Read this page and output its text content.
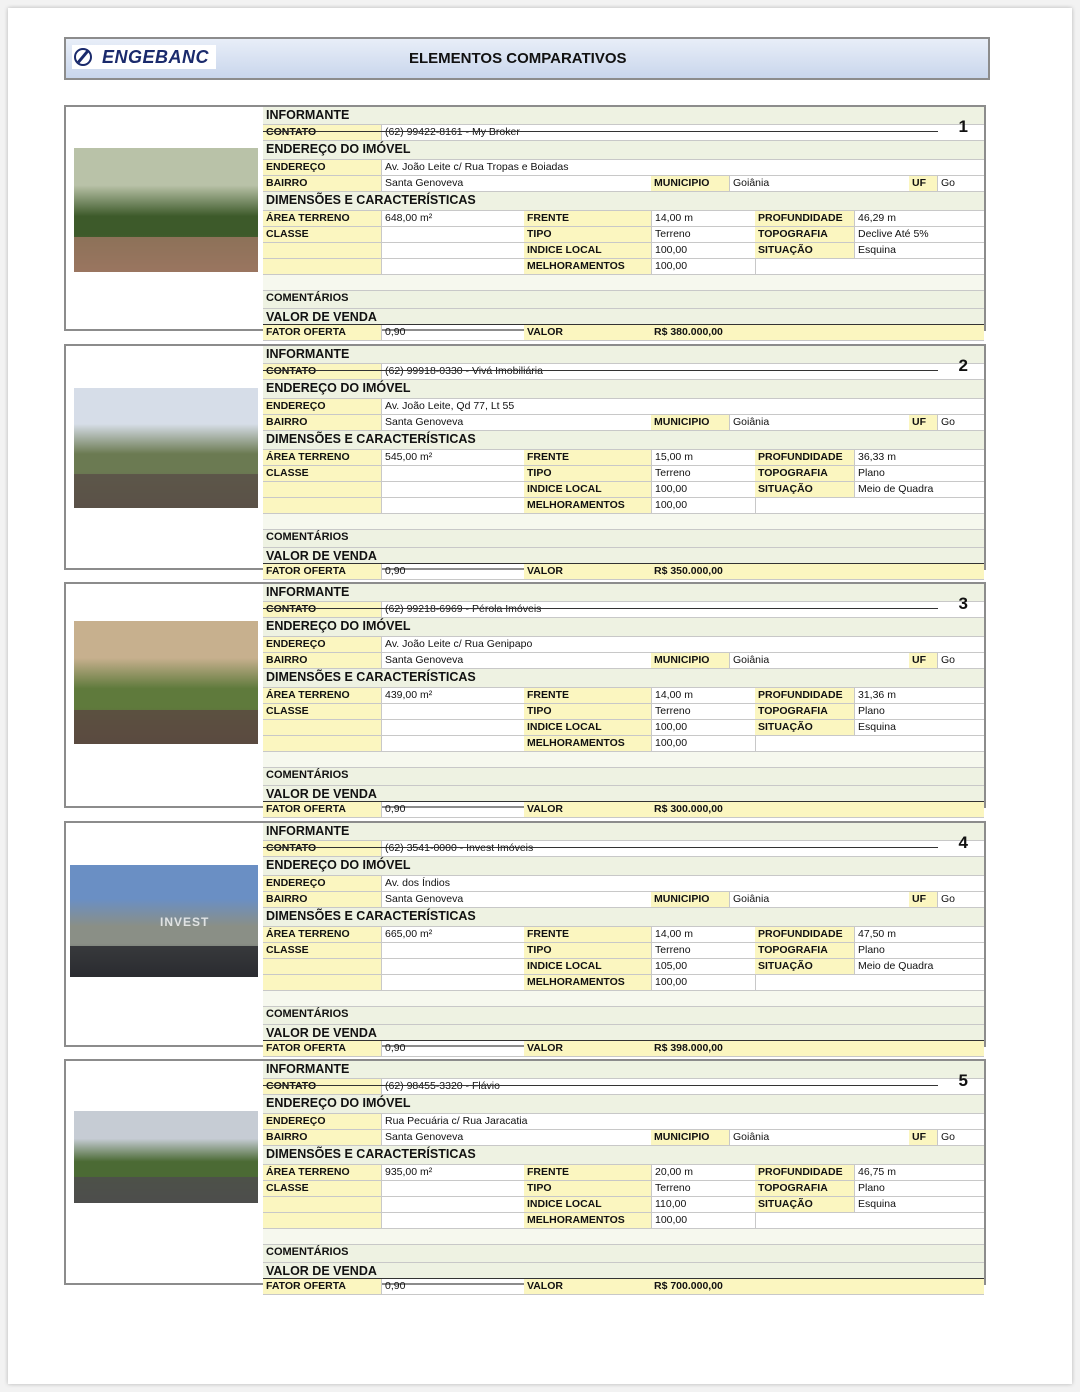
ENGEBANC	ELEMENTOS COMPARATIVOS
INFORMANTE
CONTATO	(62) 99422-8161 - My Broker
ENDEREÇO DO IMÓVEL
ENDEREÇO	Av. João Leite c/ Rua Tropas e Boiadas
BAIRRO	Santa Genoveva	MUNICIPIO	Goiânia	UF	Go
DIMENSÕES E CARACTERÍSTICAS
ÁREA TERRENO	648,00 m²	FRENTE	14,00 m	PROFUNDIDADE	46,29 m
CLASSE	TIPO	Terreno	TOPOGRAFIA	Declive Até 5%
INDICE LOCAL	100,00	SITUAÇÃO	Esquina
MELHORAMENTOS	100,00
COMENTÁRIOS
VALOR DE VENDA
FATOR OFERTA	0,90	VALOR	R$ 380.000,00
1
INFORMANTE
CONTATO	(62) 99918-0330 - Vivá Imobiliária
ENDEREÇO DO IMÓVEL
ENDEREÇO	Av. João Leite, Qd 77, Lt 55
BAIRRO	Santa Genoveva	MUNICIPIO	Goiânia	UF	Go
DIMENSÕES E CARACTERÍSTICAS
ÁREA TERRENO	545,00 m²	FRENTE	15,00 m	PROFUNDIDADE	36,33 m
CLASSE	TIPO	Terreno	TOPOGRAFIA	Plano
INDICE LOCAL	100,00	SITUAÇÃO	Meio de Quadra
MELHORAMENTOS	100,00
COMENTÁRIOS
VALOR DE VENDA
FATOR OFERTA	0,90	VALOR	R$ 350.000,00
2
INFORMANTE
CONTATO	(62) 99218-6969 - Pérola Imóveis
ENDEREÇO DO IMÓVEL
ENDEREÇO	Av. João Leite c/ Rua Genipapo
BAIRRO	Santa Genoveva	MUNICIPIO	Goiânia	UF	Go
DIMENSÕES E CARACTERÍSTICAS
ÁREA TERRENO	439,00 m²	FRENTE	14,00 m	PROFUNDIDADE	31,36 m
CLASSE	TIPO	Terreno	TOPOGRAFIA	Plano
INDICE LOCAL	100,00	SITUAÇÃO	Esquina
MELHORAMENTOS	100,00
COMENTÁRIOS
VALOR DE VENDA
FATOR OFERTA	0,90	VALOR	R$ 300.000,00
3
INVEST
INFORMANTE
CONTATO	(62) 3541-0000 - Invest Imóveis
ENDEREÇO DO IMÓVEL
ENDEREÇO	Av. dos Índios
BAIRRO	Santa Genoveva	MUNICIPIO	Goiânia	UF	Go
DIMENSÕES E CARACTERÍSTICAS
ÁREA TERRENO	665,00 m²	FRENTE	14,00 m	PROFUNDIDADE	47,50 m
CLASSE	TIPO	Terreno	TOPOGRAFIA	Plano
INDICE LOCAL	105,00	SITUAÇÃO	Meio de Quadra
MELHORAMENTOS	100,00
COMENTÁRIOS
VALOR DE VENDA
FATOR OFERTA	0,90	VALOR	R$ 398.000,00
4
INFORMANTE
CONTATO	(62) 98455-3320 - Flávio
ENDEREÇO DO IMÓVEL
ENDEREÇO	Rua Pecuária c/ Rua Jaracatia
BAIRRO	Santa Genoveva	MUNICIPIO	Goiânia	UF	Go
DIMENSÕES E CARACTERÍSTICAS
ÁREA TERRENO	935,00 m²	FRENTE	20,00 m	PROFUNDIDADE	46,75 m
CLASSE	TIPO	Terreno	TOPOGRAFIA	Plano
INDICE LOCAL	110,00	SITUAÇÃO	Esquina
MELHORAMENTOS	100,00
COMENTÁRIOS
VALOR DE VENDA
FATOR OFERTA	0,90	VALOR	R$ 700.000,00
5
